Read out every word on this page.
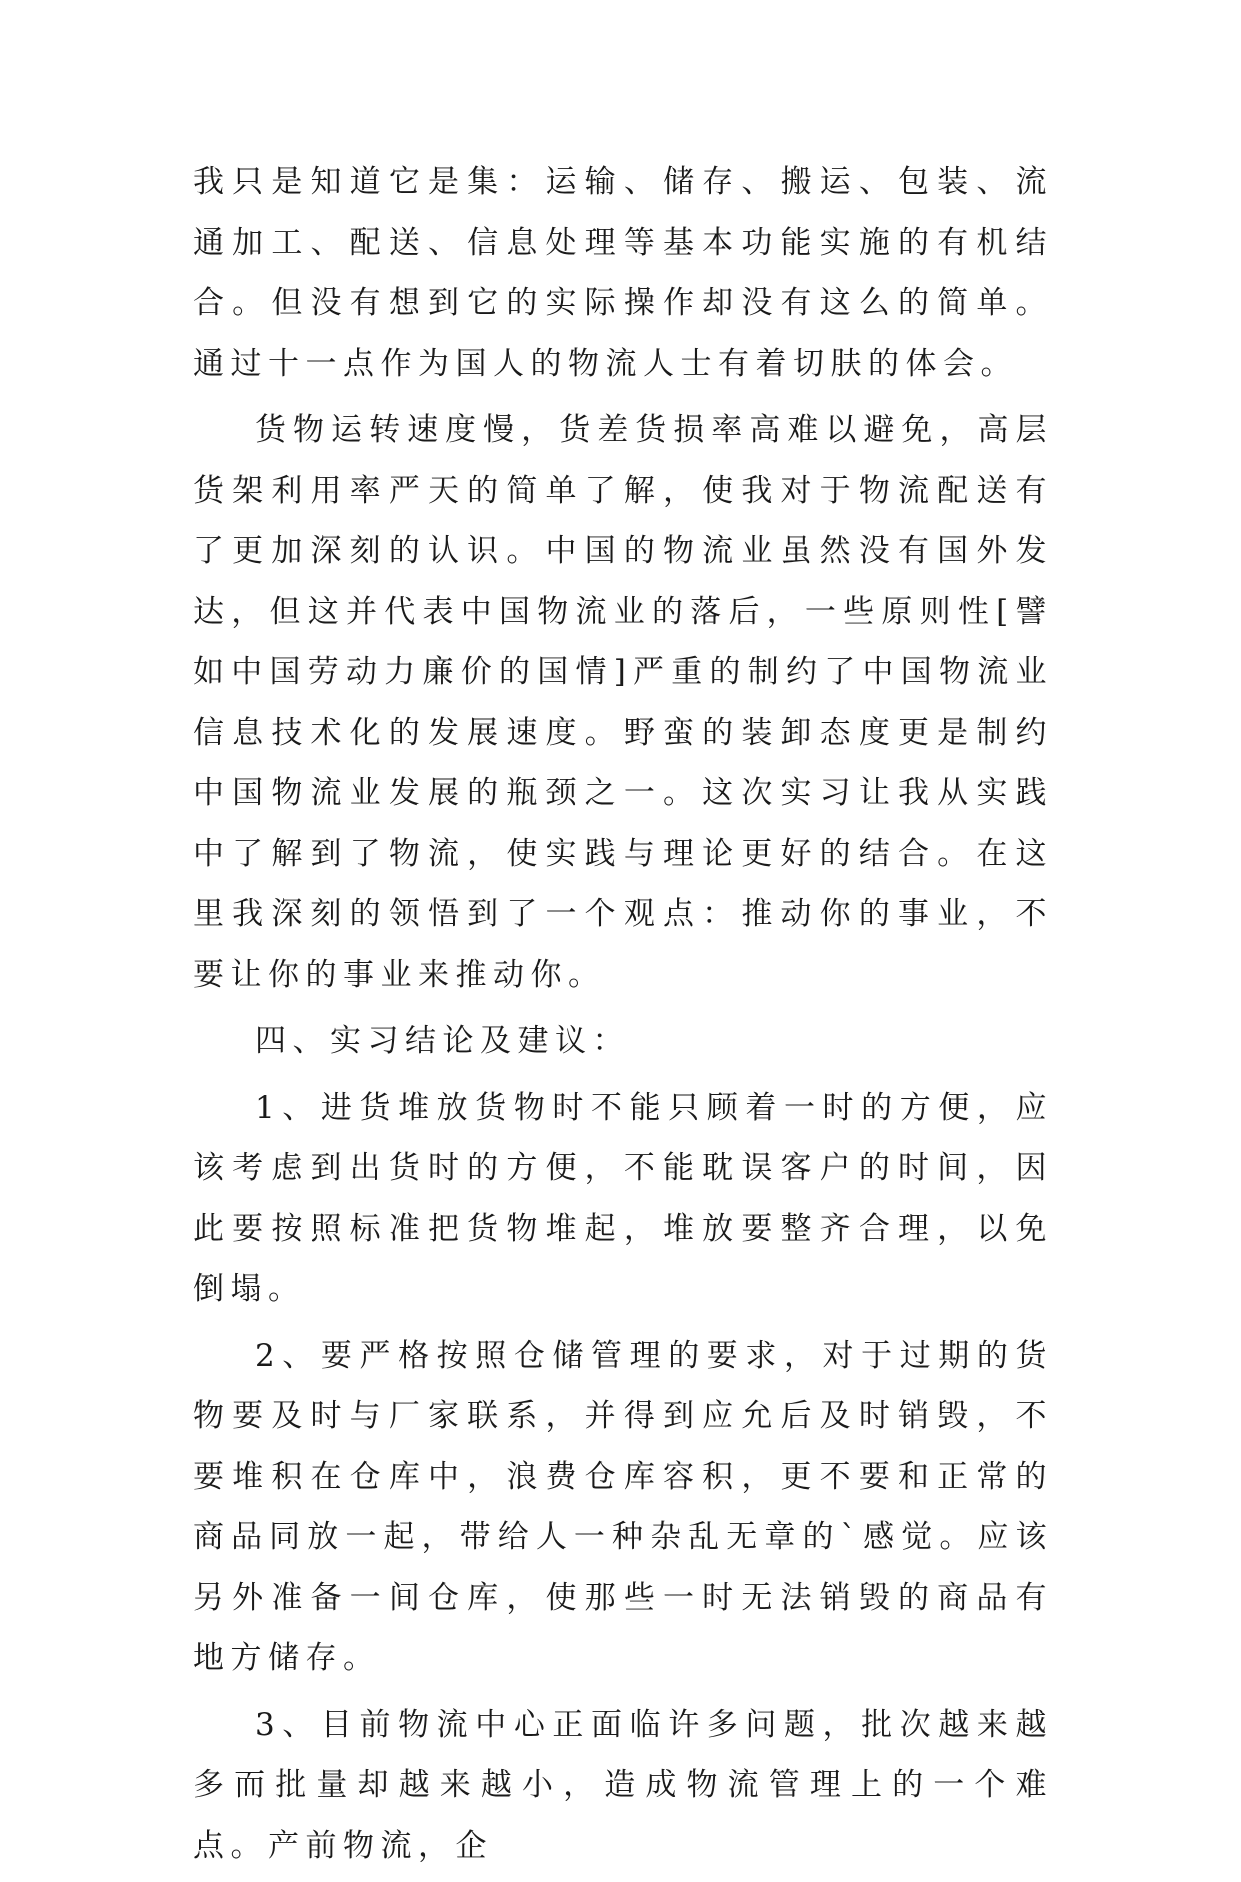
我只是知道它是集：运输、储存、搬运、包装、流通加工、配送、信息处理等基本功能实施的有机结合。但没有想到它的实际操作却没有这么的简单。通过十一点作为国人的物流人士有着切肤的体会。

货物运转速度慢，货差货损率高难以避免，高层货架利用率严天的简单了解，使我对于物流配送有了更加深刻的认识。中国的物流业虽然没有国外发达，但这并代表中国物流业的落后，一些原则性[譬如中国劳动力廉价的国情]严重的制约了中国物流业信息技术化的发展速度。野蛮的装卸态度更是制约中国物流业发展的瓶颈之一。这次实习让我从实践中了解到了物流，使实践与理论更好的结合。在这里我深刻的领悟到了一个观点：推动你的事业，不要让你的事业来推动你。

四、实习结论及建议：

1、进货堆放货物时不能只顾着一时的方便，应该考虑到出货时的方便，不能耽误客户的时间，因此要按照标准把货物堆起，堆放要整齐合理，以免倒塌。

2、要严格按照仓储管理的要求，对于过期的货物要及时与厂家联系，并得到应允后及时销毁，不要堆积在仓库中，浪费仓库容积，更不要和正常的商品同放一起，带给人一种杂乱无章的`感觉。应该另外准备一间仓库，使那些一时无法销毁的商品有地方储存。

3、目前物流中心正面临许多问题，批次越来越多而批量却越来越小，造成物流管理上的一个难点。产前物流，企
